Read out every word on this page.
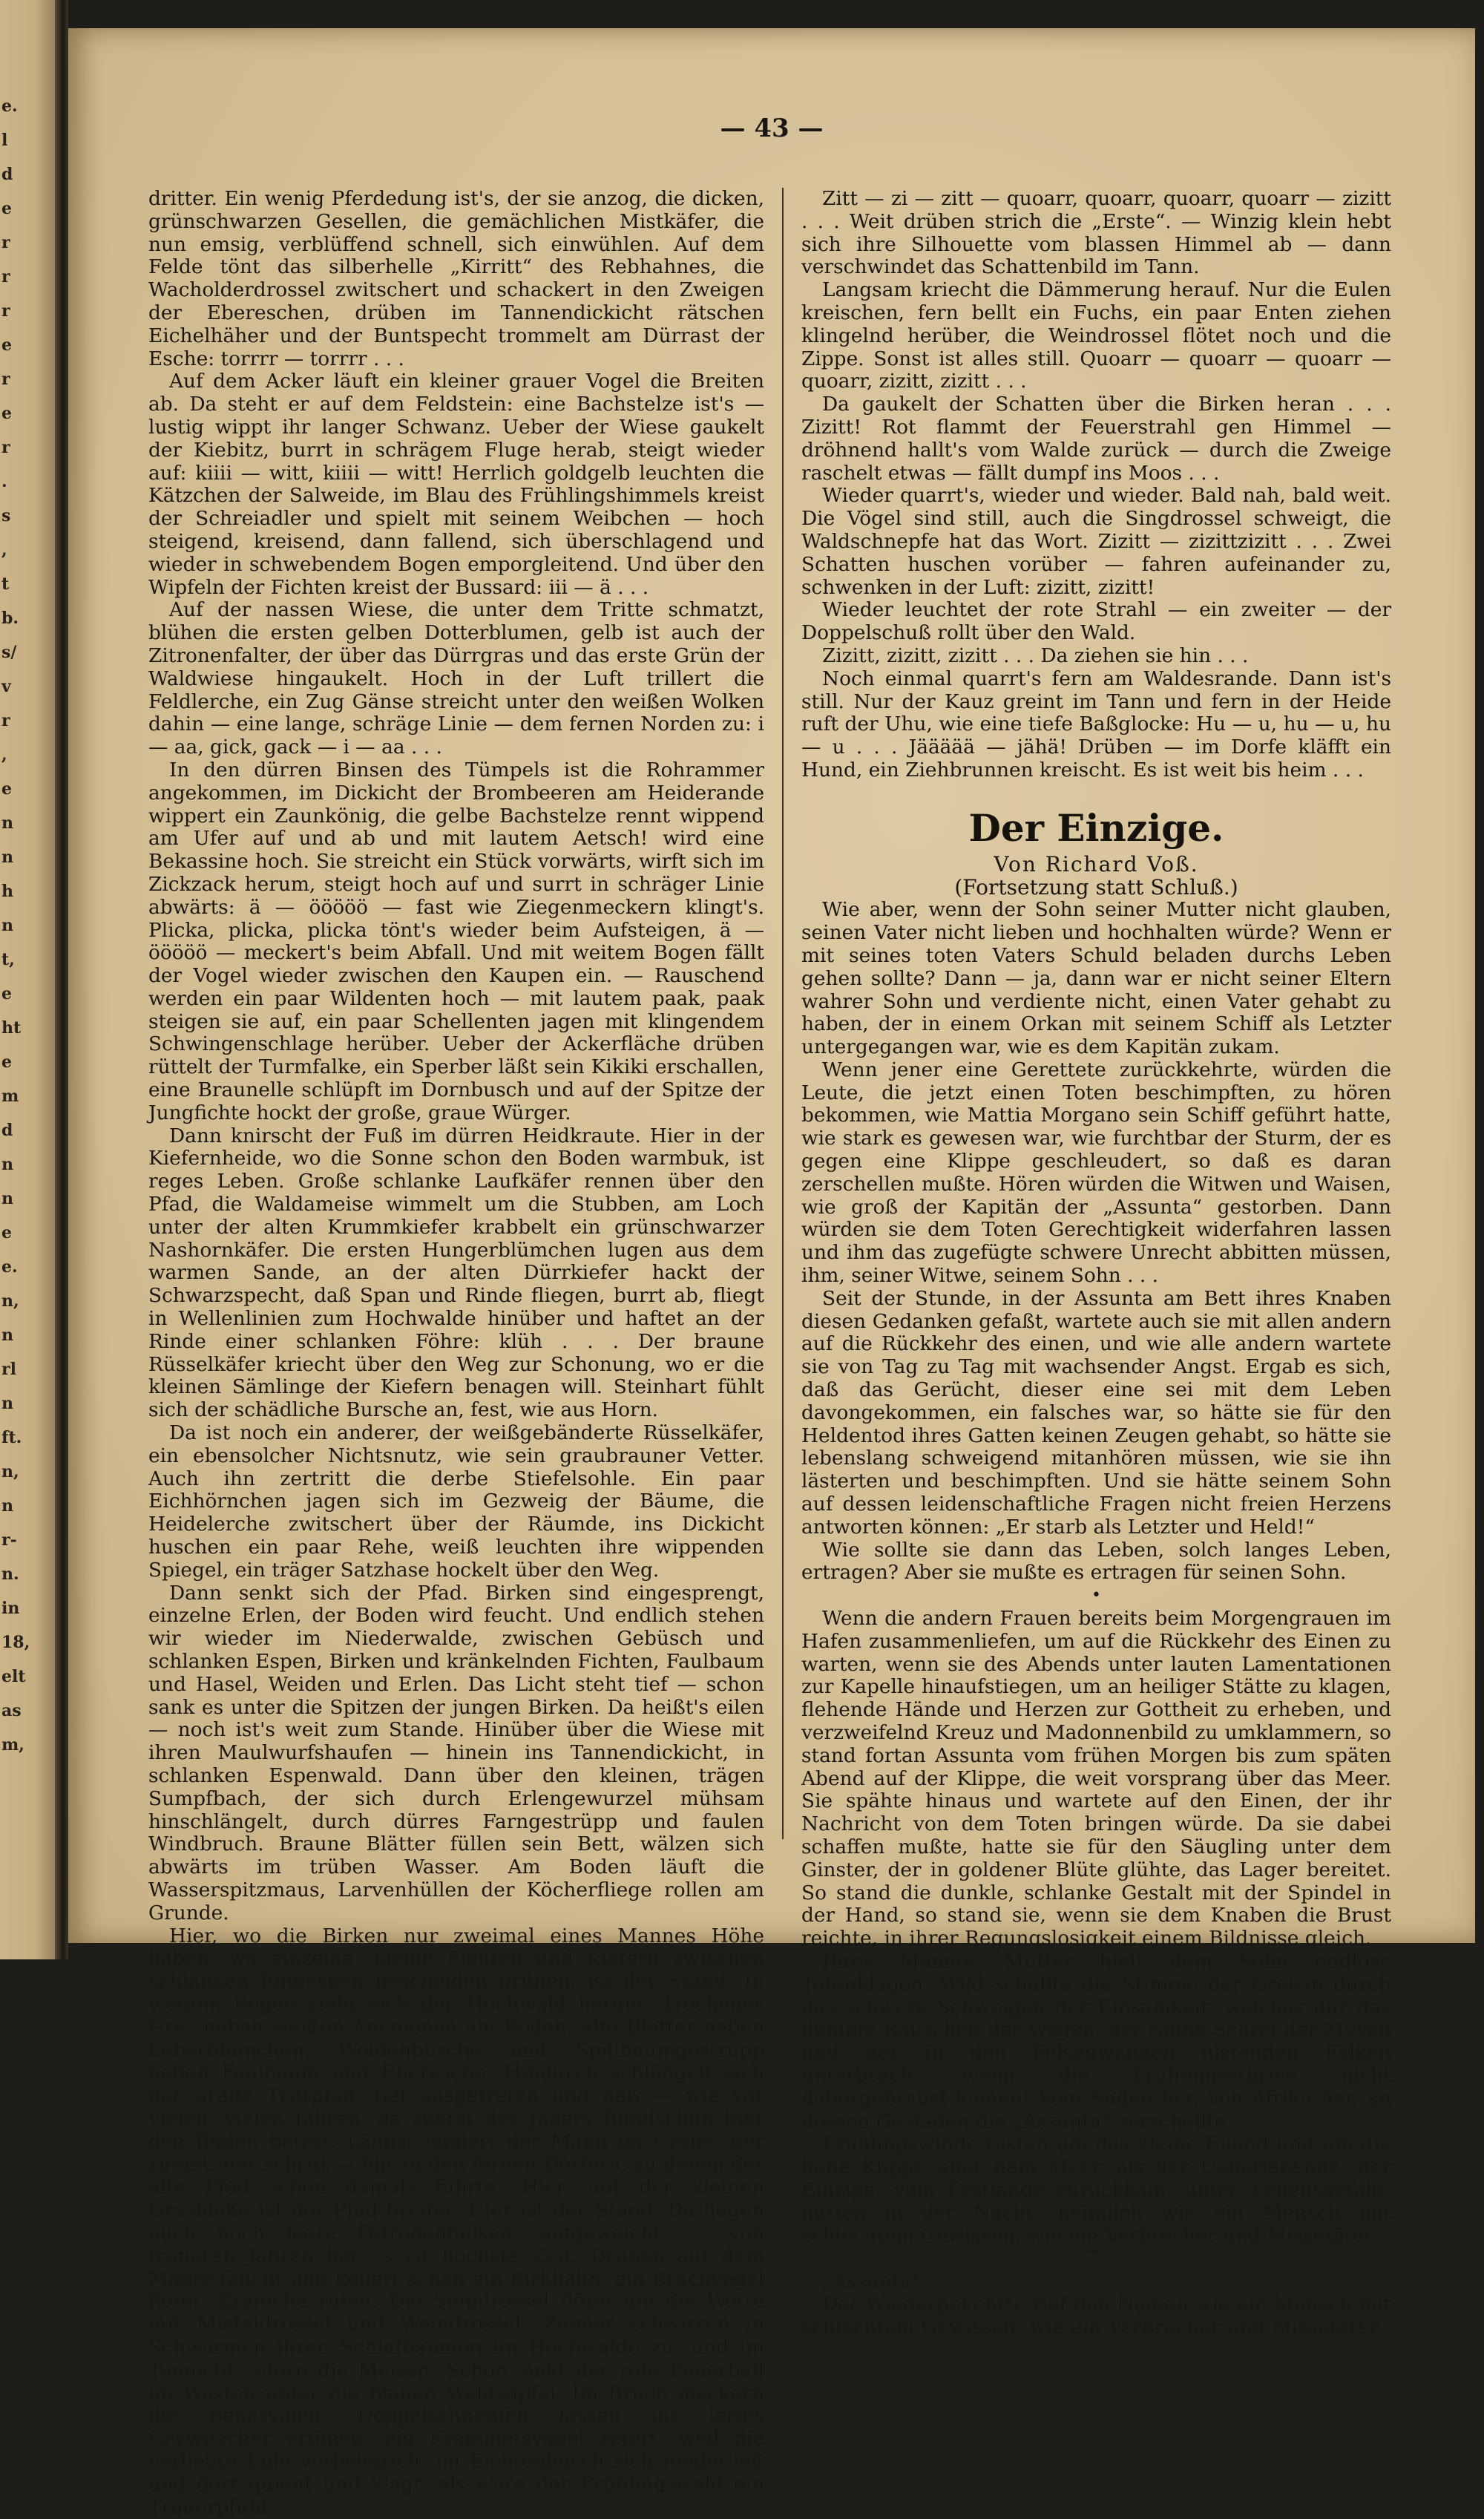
e.
l
d
e
r
r
r
e
r
e
r
.
s
,
t
b.
s/
v
r
,
e
n
n
h
n
t,
e
ht
e
m
d
n
n
e
e.
n,
n
rl
n
ft.
n,
n
r-
n.
in
18,
elt
as
m,
— 43 —

dritter. Ein wenig Pferdedung ist's, der sie anzog, die dicken, grünschwarzen Gesellen, die gemächlichen Mistkäfer, die nun emsig, verblüffend schnell, sich einwühlen. Auf dem Felde tönt das silberhelle „Kirritt“ des Rebhahnes, die Wacholderdrossel zwitschert und schackert in den Zweigen der Ebereschen, drüben im Tannendickicht rätschen Eichelhäher und der Buntspecht trommelt am Dürrast der Esche: torrrr — torrrr . . .

Auf dem Acker läuft ein kleiner grauer Vogel die Breiten ab. Da steht er auf dem Feldstein: eine Bachstelze ist's — lustig wippt ihr langer Schwanz. Ueber der Wiese gaukelt der Kiebitz, burrt in schrägem Fluge herab, steigt wieder auf: kiiii — witt, kiiii — witt! Herrlich goldgelb leuchten die Kätzchen der Salweide, im Blau des Frühlingshimmels kreist der Schreiadler und spielt mit seinem Weibchen — hoch steigend, kreisend, dann fallend, sich überschlagend und wieder in schwebendem Bogen emporgleitend. Und über den Wipfeln der Fichten kreist der Bussard: iii — ä . . .

Auf der nassen Wiese, die unter dem Tritte schmatzt, blühen die ersten gelben Dotterblumen, gelb ist auch der Zitronenfalter, der über das Dürrgras und das erste Grün der Waldwiese hingaukelt. Hoch in der Luft trillert die Feldlerche, ein Zug Gänse streicht unter den weißen Wolken dahin — eine lange, schräge Linie — dem fernen Norden zu: i — aa, gick, gack — i — aa . . .

In den dürren Binsen des Tümpels ist die Rohrammer angekommen, im Dickicht der Brombeeren am Heiderande wippert ein Zaunkönig, die gelbe Bachstelze rennt wippend am Ufer auf und ab und mit lautem Aetsch! wird eine Bekassine hoch. Sie streicht ein Stück vorwärts, wirft sich im Zickzack herum, steigt hoch auf und surrt in schräger Linie abwärts: ä — ööööö — fast wie Ziegenmeckern klingt's. Plicka, plicka, plicka tönt's wieder beim Aufsteigen, ä — ööööö — meckert's beim Abfall. Und mit weitem Bogen fällt der Vogel wieder zwischen den Kaupen ein. — Rauschend werden ein paar Wildenten hoch — mit lautem paak, paak steigen sie auf, ein paar Schellenten jagen mit klingendem Schwingenschlage herüber. Ueber der Ackerfläche drüben rüttelt der Turmfalke, ein Sperber läßt sein Kikiki erschallen, eine Braunelle schlüpft im Dornbusch und auf der Spitze der Jungfichte hockt der große, graue Würger.

Dann knirscht der Fuß im dürren Heidkraute. Hier in der Kiefernheide, wo die Sonne schon den Boden warmbuk, ist reges Leben. Große schlanke Laufkäfer rennen über den Pfad, die Waldameise wimmelt um die Stubben, am Loch unter der alten Krummkiefer krabbelt ein grünschwarzer Nashornkäfer. Die ersten Hungerblümchen lugen aus dem warmen Sande, an der alten Dürrkiefer hackt der Schwarzspecht, daß Span und Rinde fliegen, burrt ab, fliegt in Wellenlinien zum Hochwalde hinüber und haftet an der Rinde einer schlanken Föhre: klüh . . . Der braune Rüsselkäfer kriecht über den Weg zur Schonung, wo er die kleinen Sämlinge der Kiefern benagen will. Steinhart fühlt sich der schädliche Bursche an, fest, wie aus Horn.

Da ist noch ein anderer, der weißgebänderte Rüsselkäfer, ein ebensolcher Nichtsnutz, wie sein graubrauner Vetter. Auch ihn zertritt die derbe Stiefelsohle. Ein paar Eichhörnchen jagen sich im Gezweig der Bäume, die Heidelerche zwitschert über der Räumde, ins Dickicht huschen ein paar Rehe, weiß leuchten ihre wippenden Spiegel, ein träger Satzhase hockelt über den Weg.

Dann senkt sich der Pfad. Birken sind eingesprengt, einzelne Erlen, der Boden wird feucht. Und endlich stehen wir wieder im Niederwalde, zwischen Gebüsch und schlanken Espen, Birken und kränkelnden Fichten, Faulbaum und Hasel, Weiden und Erlen. Das Licht steht tief — schon sank es unter die Spitzen der jungen Birken. Da heißt's eilen — noch ist's weit zum Stande. Hinüber über die Wiese mit ihren Maulwurfshaufen — hinein ins Tannendickicht, in schlanken Espenwald. Dann über den kleinen, trägen Sumpfbach, der sich durch Erlengewurzel mühsam hinschlängelt, durch dürres Farngestrüpp und faulen Windbruch. Braune Blätter füllen sein Bett, wälzen sich abwärts im trüben Wasser. Am Boden läuft die Wasserspitzmaus, Larvenhüllen der Köcherfliege rollen am Grunde.

Hier, wo die Birken nur zweimal eines Mannes Höhe haben, wo einzelne, kleine Fichten und Kiefern zwischen schlanken Jungespen bescheiden grünen, ist der Stand. In weitem Bogen zieht sich der Hochwald herum. Trockenes Gras neben weißen Anemonen am Boden, alte Blätter neben Leberblümchen, Weidenbüsche und Spillbaumgestrüpp neben Faulbaum und Eberesche. Hindurch schlängelt sich der uralte Trittpfad, tief ausgetreten und naß — wie vor vielen, vielen Jahren, da zuerst des Jägers Bundschuh hier den Boden betrat. Längst modert der Mann im Grabe, der zuerst hier schritt — hin zu den fernen Dörfern, zu denen der alte Pfad schon damals führte. Hier, auf der kleinen Grasblöße ist der Pfad breiter. Hier ist der Stand. Da liegen auch noch leere Patronenhülsen, aufgeweicht, — von früheren Jahren her. 's ist höchste Zeit. Drüben auf dem Moore faucht und kollert schon ein Birkhahn, ein Brachvogel flötet, Kraniche rufen. Die Singdrossel flötet um die Wette mit Misteldrossel und Weindrossel, Ziemer schwirren in Schwärmen ihren Schlafbäumen im Hochwalde zu, und im Tannicht zetern die Meisen. Schon sinkt der rote Feuerball im Westen unter die blauen Waldwipfel. Im Bruch meckern die Bekassinen, Doppelschnepfen lassen ihr leises Gezwitscher ertönen, ein Krammetsvogel zetert, weil die verliebte Eule vorbeistrich, im Fichtenbusch sich niederließ und dort quient und klagt, als wäre der Frühlingswald ein Trauerpfuhl.

Zitt — zi — zitt — quoarr, quoarr, quoarr, quoarr — zizitt . . . Weit drüben strich die „Erste“. — Winzig klein hebt sich ihre Silhouette vom blassen Himmel ab — dann verschwindet das Schattenbild im Tann.

Langsam kriecht die Dämmerung herauf. Nur die Eulen kreischen, fern bellt ein Fuchs, ein paar Enten ziehen klingelnd herüber, die Weindrossel flötet noch und die Zippe. Sonst ist alles still. Quoarr — quoarr — quoarr — quoarr, zizitt, zizitt . . .

Da gaukelt der Schatten über die Birken heran . . . Zizitt! Rot flammt der Feuerstrahl gen Himmel — dröhnend hallt's vom Walde zurück — durch die Zweige raschelt etwas — fällt dumpf ins Moos . . .

Wieder quarrt's, wieder und wieder. Bald nah, bald weit. Die Vögel sind still, auch die Singdrossel schweigt, die Waldschnepfe hat das Wort. Zizitt — zizittzizitt . . . Zwei Schatten huschen vorüber — fahren aufeinander zu, schwenken in der Luft: zizitt, zizitt!

Wieder leuchtet der rote Strahl — ein zweiter — der Doppelschuß rollt über den Wald.

Zizitt, zizitt, zizitt . . . Da ziehen sie hin . . .

Noch einmal quarrt's fern am Waldesrande. Dann ist's still. Nur der Kauz greint im Tann und fern in der Heide ruft der Uhu, wie eine tiefe Baßglocke: Hu — u, hu — u, hu — u . . . Jäääää — jähä! Drüben — im Dorfe kläfft ein Hund, ein Ziehbrunnen kreischt. Es ist weit bis heim . . .

Der Einzige.

Von Richard Voß.

(Fortsetzung statt Schluß.)

Wie aber, wenn der Sohn seiner Mutter nicht glauben, seinen Vater nicht lieben und hochhalten würde? Wenn er mit seines toten Vaters Schuld beladen durchs Leben gehen sollte? Dann — ja, dann war er nicht seiner Eltern wahrer Sohn und verdiente nicht, einen Vater gehabt zu haben, der in einem Orkan mit seinem Schiff als Letzter untergegangen war, wie es dem Kapitän zukam.

Wenn jener eine Gerettete zurückkehrte, würden die Leute, die jetzt einen Toten beschimpften, zu hören bekommen, wie Mattia Morgano sein Schiff geführt hatte, wie stark es gewesen war, wie furchtbar der Sturm, der es gegen eine Klippe geschleudert, so daß es daran zerschellen mußte. Hören würden die Witwen und Waisen, wie groß der Kapitän der „Assunta“ gestorben. Dann würden sie dem Toten Gerechtigkeit widerfahren lassen und ihm das zugefügte schwere Unrecht abbitten müssen, ihm, seiner Witwe, seinem Sohn . . .

Seit der Stunde, in der Assunta am Bett ihres Knaben diesen Gedanken gefaßt, wartete auch sie mit allen andern auf die Rückkehr des einen, und wie alle andern wartete sie von Tag zu Tag mit wachsender Angst. Ergab es sich, daß das Gerücht, dieser eine sei mit dem Leben davongekommen, ein falsches war, so hätte sie für den Heldentod ihres Gatten keinen Zeugen gehabt, so hätte sie lebenslang schweigend mitanhören müssen, wie sie ihn lästerten und beschimpften. Und sie hätte seinem Sohn auf dessen leidenschaftliche Fragen nicht freien Herzens antworten können: „Er starb als Letzter und Held!“

Wie sollte sie dann das Leben, solch langes Leben, ertragen? Aber sie mußte es ertragen für seinen Sohn.

•

Wenn die andern Frauen bereits beim Morgengrauen im Hafen zusammenliefen, um auf die Rückkehr des Einen zu warten, wenn sie des Abends unter lauten Lamentationen zur Kapelle hinaufstiegen, um an heiliger Stätte zu klagen, flehende Hände und Herzen zur Gottheit zu erheben, und verzweifelnd Kreuz und Madonnenbild zu umklammern, so stand fortan Assunta vom frühen Morgen bis zum späten Abend auf der Klippe, die weit vorsprang über das Meer. Sie spähte hinaus und wartete auf den Einen, der ihr Nachricht von dem Toten bringen würde. Da sie dabei schaffen mußte, hatte sie für den Säugling unter dem Ginster, der in goldener Blüte glühte, das Lager bereitet. So stand die dunkle, schlanke Gestalt mit der Spindel in der Hand, so stand sie, wenn sie dem Knaben die Brust reichte, in ihrer Regungslosigkeit einem Bildnisse gleich.

Ihres Mannes Mutter hielt dem Sohn endlose Totenklagen. Wild schallte die Stimme der Greisin durch das schwere Schweigen der Einsamkeit, welches nur das dumpfe Rauschen der Wogen, der rauhe Schrei der Möven und der in den Felsenwänden nistenden Falken unterbrach, wenn die Frühlingsstürme nicht dahergebraust kamen! Vom Süden her, von Afrika her, an dessen Gestaden die „Assunta“ zerschellte.

Frühlingswinde rasten um das kleine Eiland und um die hohe Klippe über dem Meer, als der Ueberlebende, der Einzige, vom Festlande zurückkam, unter Lebensgefahr, mitten in der Nacht, heimlich wie ein Mensch mit schlechtem Gewissen, wie ein Verbrecher und Missetäter.

7.

„Assunta!“

Der Wiedergekehrte rief den Namen wie ein Mensch mit schlechtem Gewissen, wie ein Verbrecher und Missetäter . . .
